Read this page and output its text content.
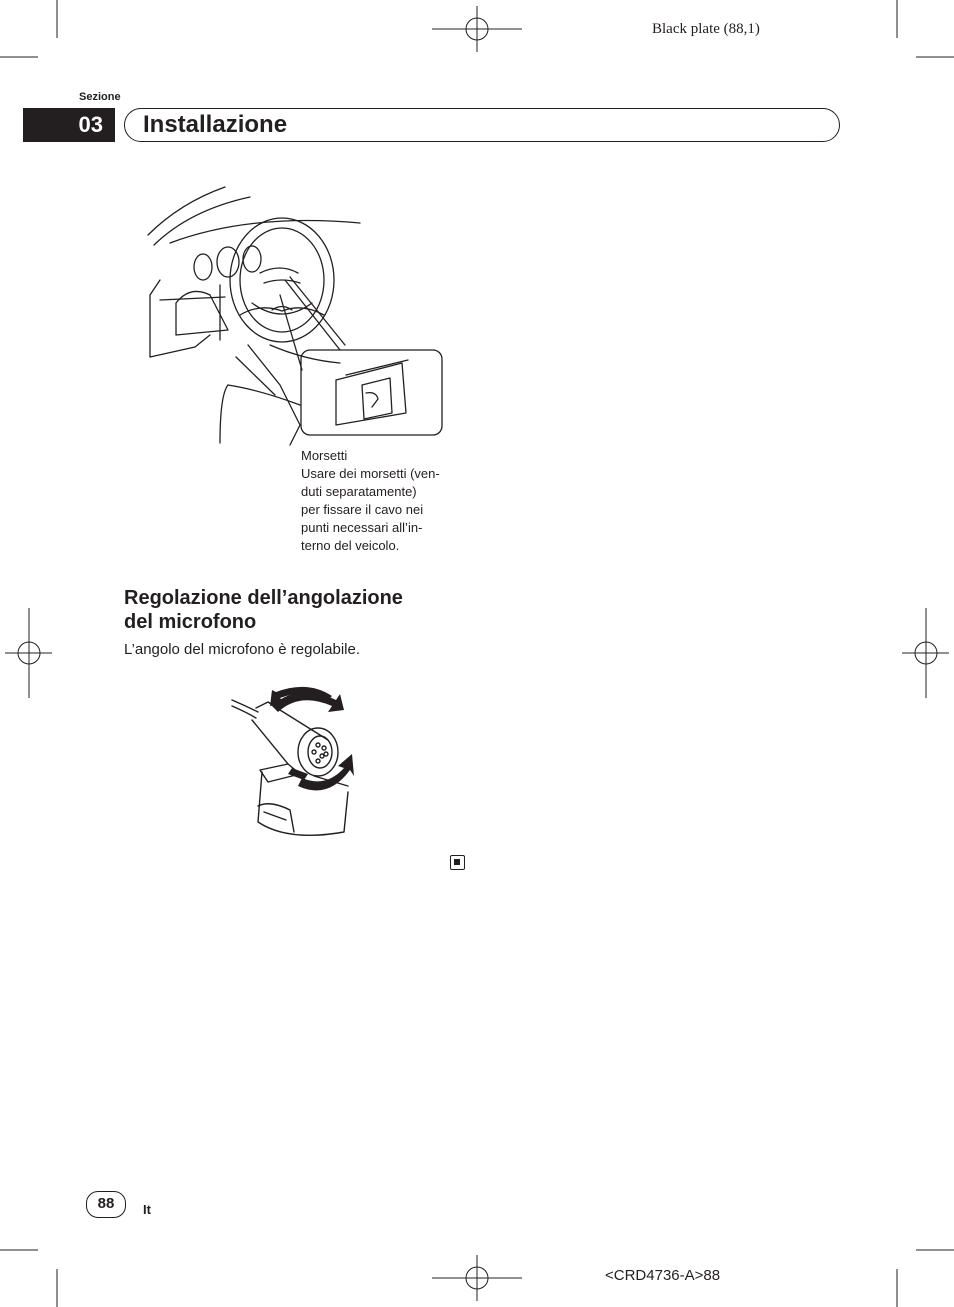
Black plate (88,1)
Sezione
03	Installazione
Morsetti
Usare dei morsetti (ven-
duti separatamente)
per fissare il cavo nei
punti necessari all’in-
terno del veicolo.
Regolazione dell’angolazione
del microfono
L’angolo del microfono è regolabile.
88	It
<CRD4736-A>88
